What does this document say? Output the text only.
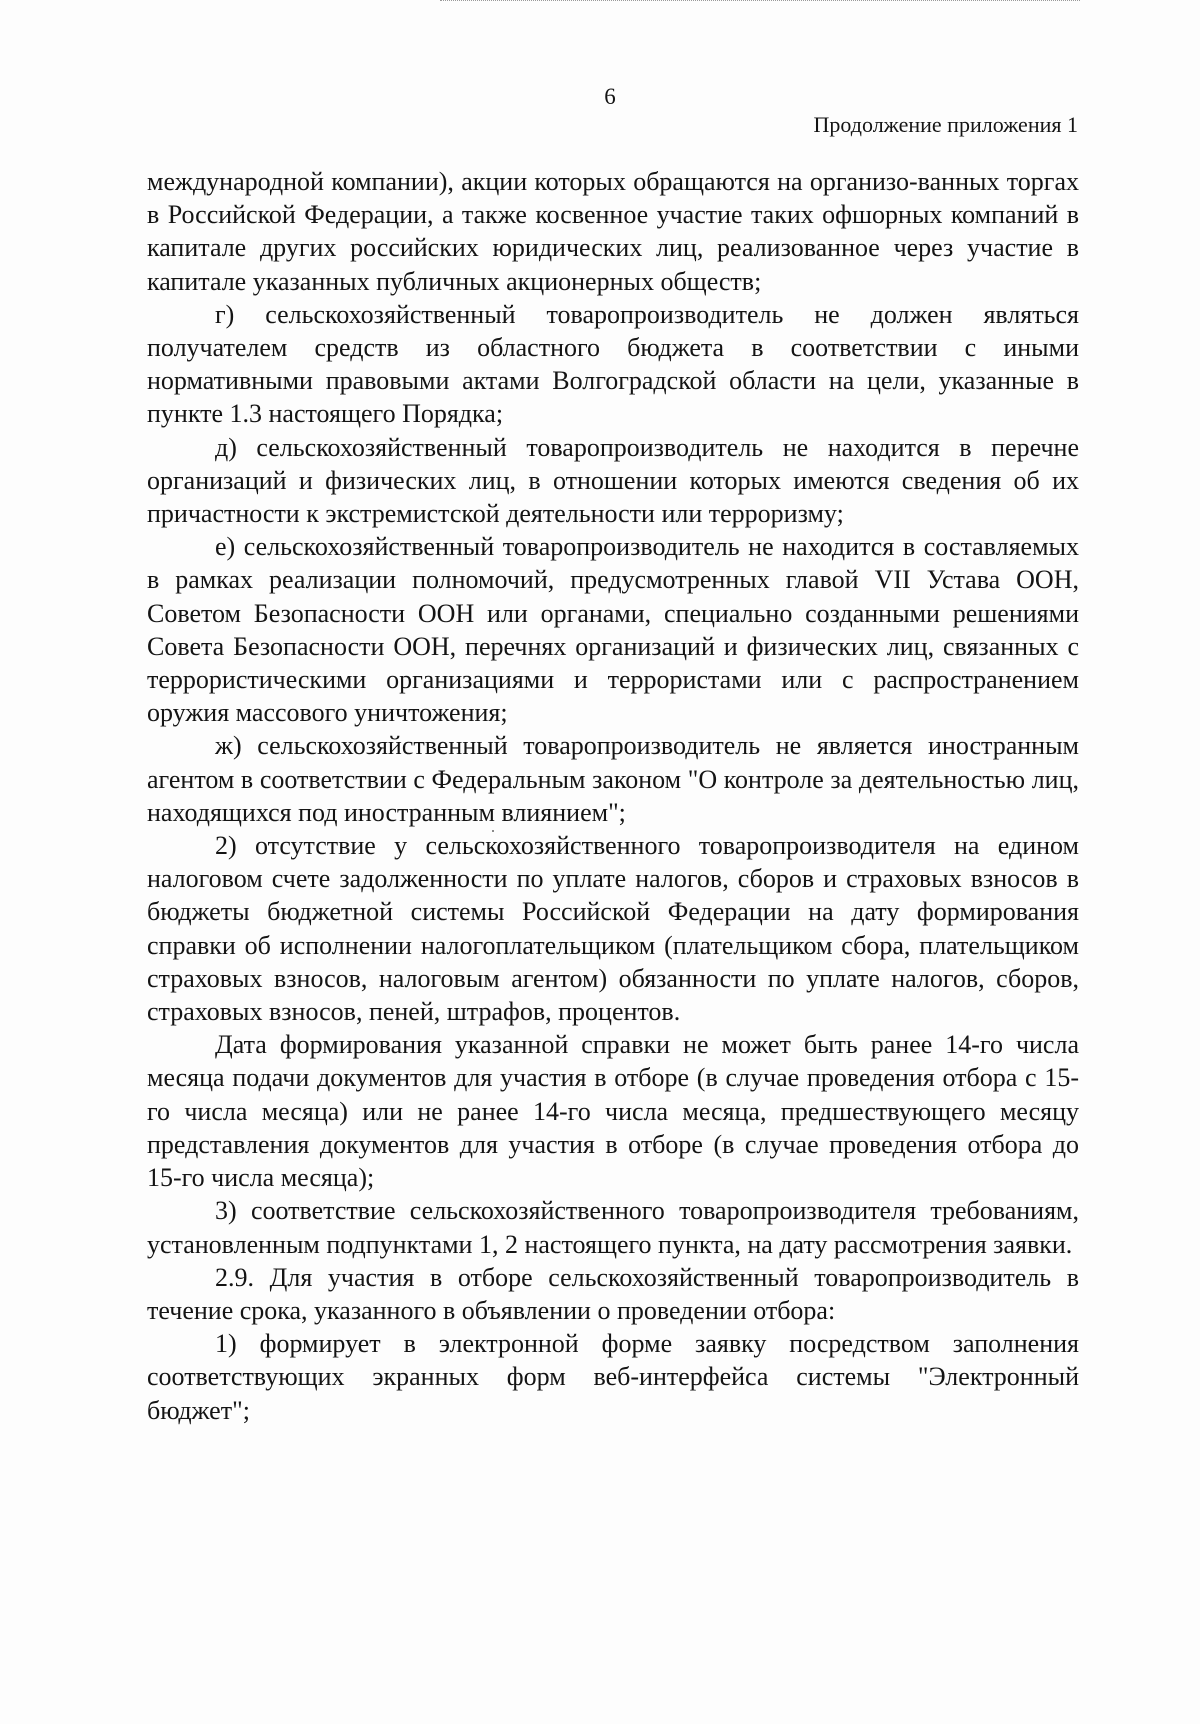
6
Продолжение приложения 1

международной компании), акции которых обращаются на организо-ванных торгах в Российской Федерации, а также косвенное участие таких офшорных компаний в капитале других российских юридических лиц, реализованное через участие в капитале указанных публичных акционерных обществ;

г) сельскохозяйственный товаропроизводитель не должен являться получателем средств из областного бюджета в соответствии с иными нормативными правовыми актами Волгоградской области на цели, указанные в пункте 1.3 настоящего Порядка;

д) сельскохозяйственный товаропроизводитель не находится в перечне организаций и физических лиц, в отношении которых имеются сведения об их причастности к экстремистской деятельности или терроризму;

е) сельскохозяйственный товаропроизводитель не находится в составляемых в рамках реализации полномочий, предусмотренных главой VII Устава ООН, Советом Безопасности ООН или органами, специально созданными решениями Совета Безопасности ООН, перечнях организаций и физических лиц, связанных с террористическими организациями и террористами или с распространением оружия массового уничтожения;

ж) сельскохозяйственный товаропроизводитель не является иностранным агентом в соответствии с Федеральным законом "О контроле за деятельностью лиц, находящихся под иностранным влиянием";

2) отсутствие у сельскохозяйственного товаропроизводителя на едином налоговом счете задолженности по уплате налогов, сборов и страховых взносов в бюджеты бюджетной системы Российской Федерации на дату формирования справки об исполнении налогоплательщиком (плательщиком сбора, плательщиком страховых взносов, налоговым агентом) обязанности по уплате налогов, сборов, страховых взносов, пеней, штрафов, процентов.

Дата формирования указанной справки не может быть ранее 14-го числа месяца подачи документов для участия в отборе (в случае проведения отбора с 15-го числа месяца) или не ранее 14-го числа месяца, предшествующего месяцу представления документов для участия в отборе (в случае проведения отбора до 15-го числа месяца);

3) соответствие сельскохозяйственного товаропроизводителя требованиям, установленным подпунктами 1, 2 настоящего пункта, на дату рассмотрения заявки.

2.9. Для участия в отборе сельскохозяйственный товаропроизводитель в течение срока, указанного в объявлении о проведении отбора:

1) формирует в электронной форме заявку посредством заполнения соответствующих экранных форм веб-интерфейса системы "Электронный бюджет";
